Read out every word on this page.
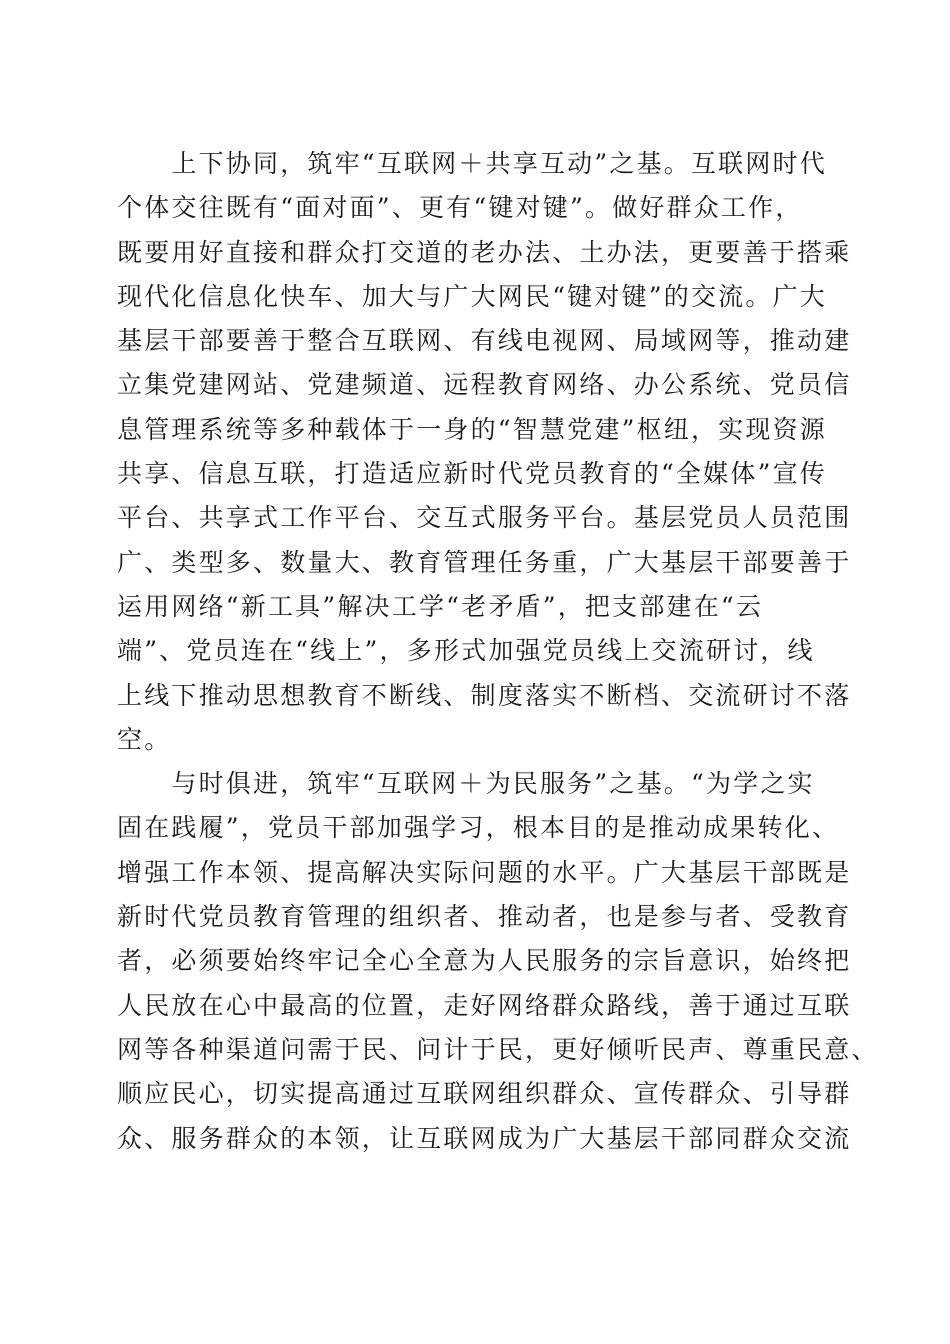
　　上下协同，筑牢“互联网＋共享互动”之基。互联网时代
个体交往既有“面对面”、更有“键对键”。做好群众工作，
既要用好直接和群众打交道的老办法、土办法，更要善于搭乘
现代化信息化快车、加大与广大网民“键对键”的交流。广大
基层干部要善于整合互联网、有线电视网、局域网等，推动建
立集党建网站、党建频道、远程教育网络、办公系统、党员信
息管理系统等多种载体于一身的“智慧党建”枢纽，实现资源
共享、信息互联，打造适应新时代党员教育的“全媒体”宣传
平台、共享式工作平台、交互式服务平台。基层党员人员范围
广、类型多、数量大、教育管理任务重，广大基层干部要善于
运用网络“新工具”解决工学“老矛盾”，把支部建在“云
端”、党员连在“线上”，多形式加强党员线上交流研讨，线
上线下推动思想教育不断线、制度落实不断档、交流研讨不落
空。
　　与时俱进，筑牢“互联网＋为民服务”之基。“为学之实
固在践履”，党员干部加强学习，根本目的是推动成果转化、
增强工作本领、提高解决实际问题的水平。广大基层干部既是
新时代党员教育管理的组织者、推动者，也是参与者、受教育
者，必须要始终牢记全心全意为人民服务的宗旨意识，始终把
人民放在心中最高的位置，走好网络群众路线，善于通过互联
网等各种渠道问需于民、问计于民，更好倾听民声、尊重民意、
顺应民心，切实提高通过互联网组织群众、宣传群众、引导群
众、服务群众的本领，让互联网成为广大基层干部同群众交流
